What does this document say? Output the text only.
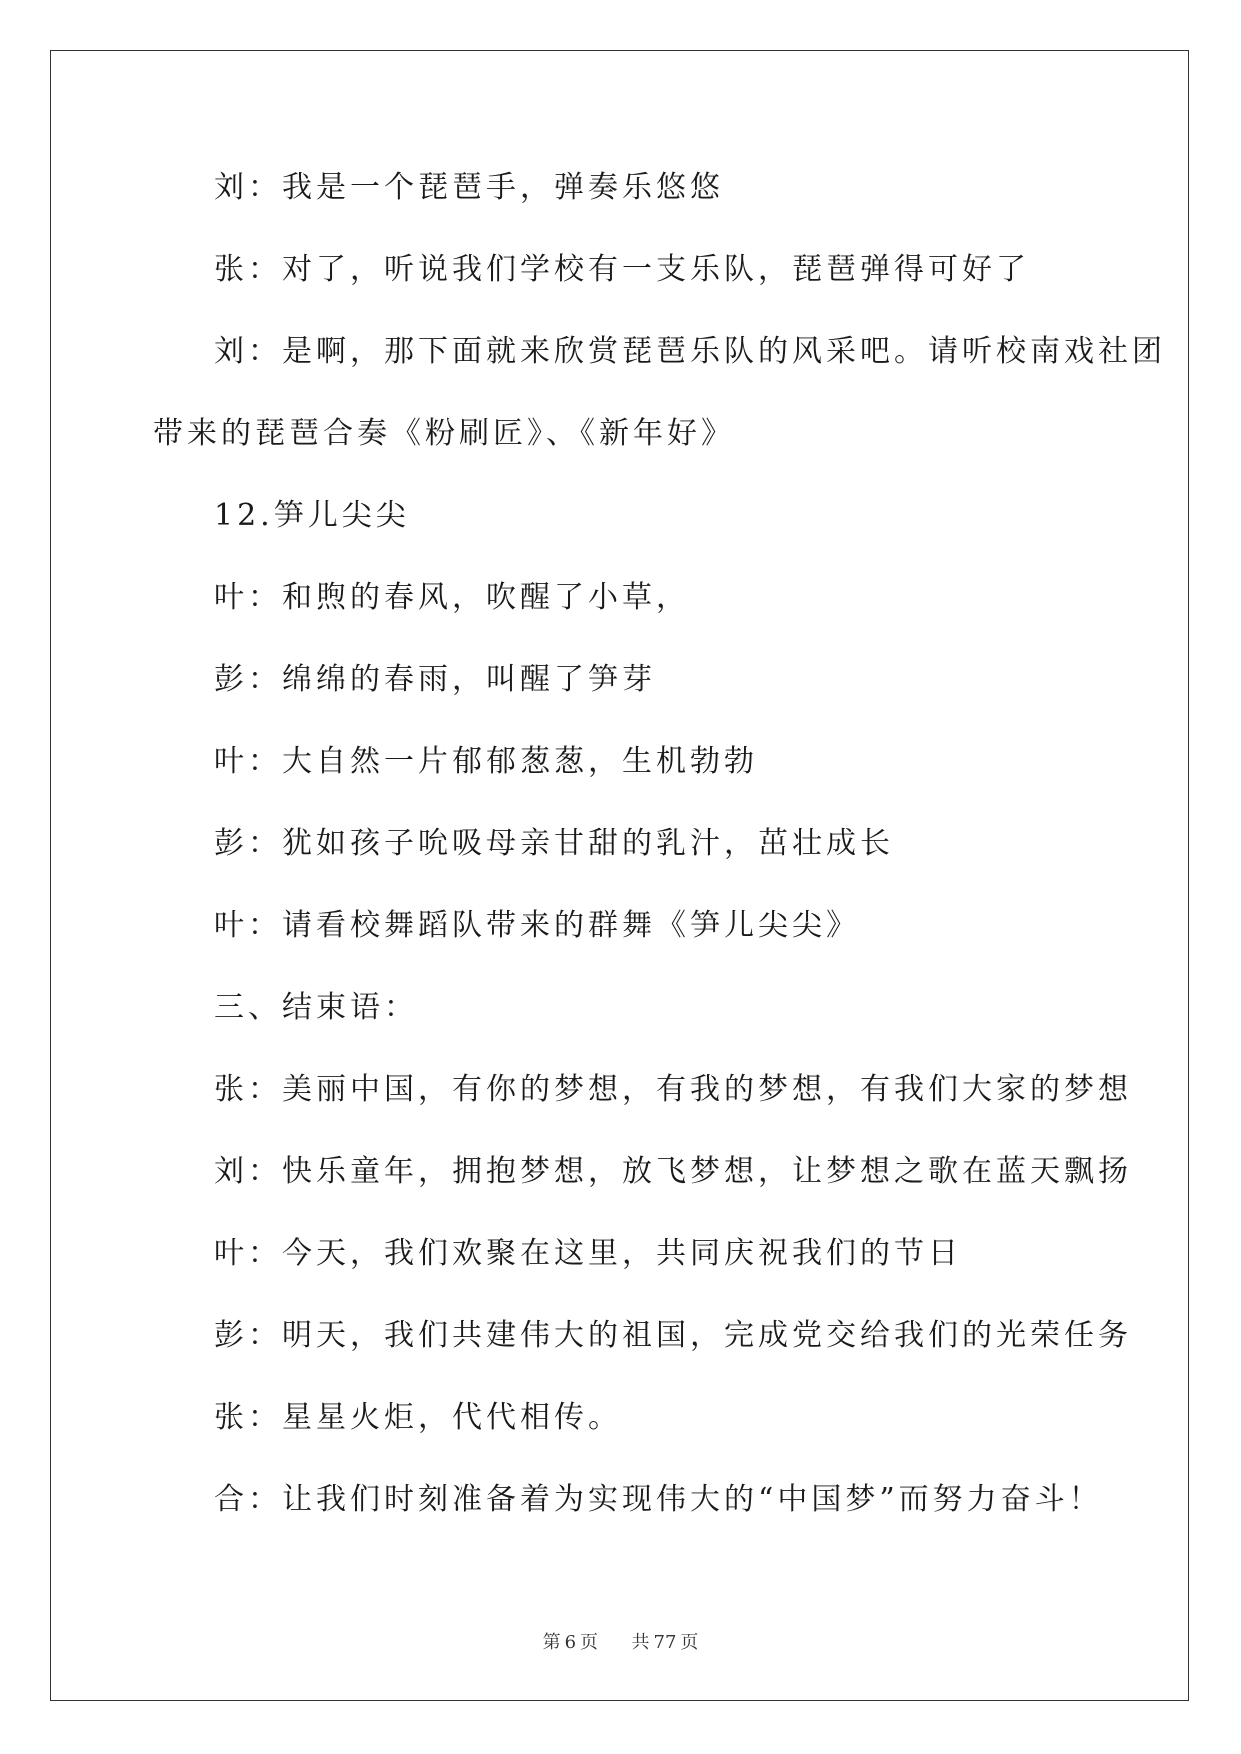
刘：我是一个琵琶手，弹奏乐悠悠

张：对了，听说我们学校有一支乐队，琵琶弹得可好了

刘：是啊，那下面就来欣赏琵琶乐队的风采吧。请听校南戏社团

带来的琵琶合奏《粉刷匠》、《新年好》

12.笋儿尖尖

叶：和煦的春风，吹醒了小草，

彭：绵绵的春雨，叫醒了笋芽

叶：大自然一片郁郁葱葱，生机勃勃

彭：犹如孩子吮吸母亲甘甜的乳汁，茁壮成长

叶：请看校舞蹈队带来的群舞《笋儿尖尖》

三、结束语：

张：美丽中国，有你的梦想，有我的梦想，有我们大家的梦想

刘：快乐童年，拥抱梦想，放飞梦想，让梦想之歌在蓝天飘扬

叶：今天，我们欢聚在这里，共同庆祝我们的节日

彭：明天，我们共建伟大的祖国，完成党交给我们的光荣任务

张：星星火炬，代代相传。

合：让我们时刻准备着为实现伟大的“中国梦”而努力奋斗！

第 6 页 共 77 页
